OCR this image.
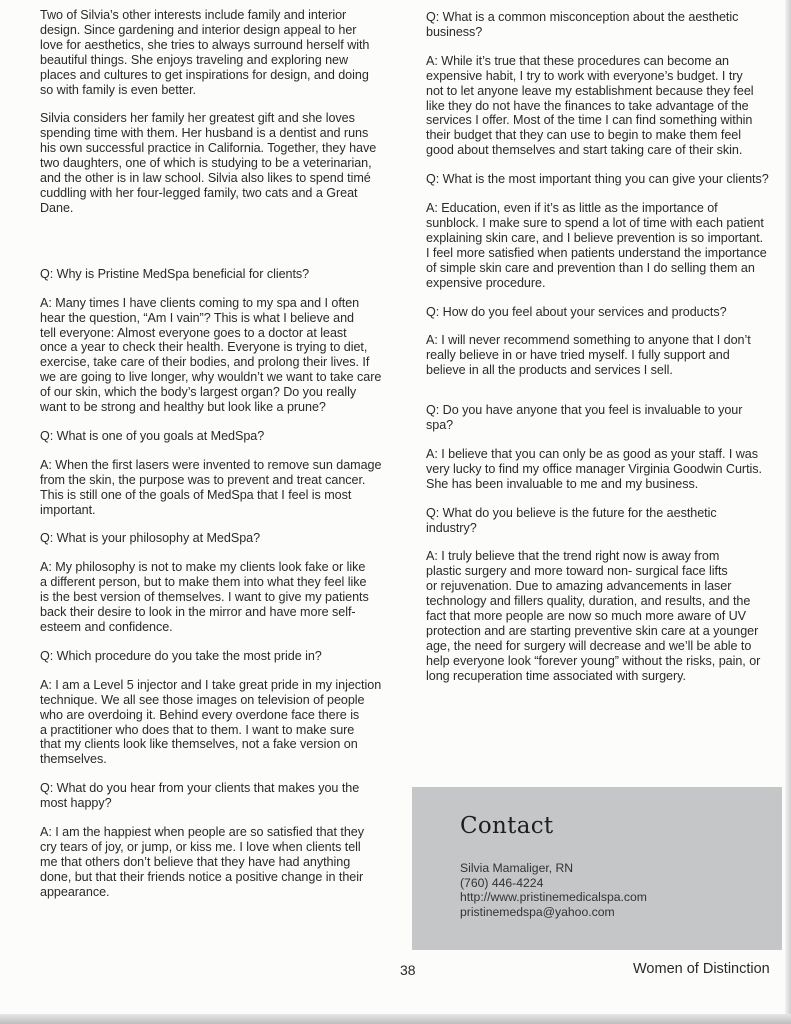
Two of Silvia’s other interests include family and interior
design. Since gardening and interior design appeal to her
love for aesthetics, she tries to always surround herself with
beautiful things. She enjoys traveling and exploring new
places and cultures to get inspirations for design, and doing
so with family is even better.

Silvia considers her family her greatest gift and she loves
spending time with them. Her husband is a dentist and runs
his own successful practice in California. Together, they have
two daughters, one of which is studying to be a veterinarian,
and the other is in law school. Silvia also likes to spend timé
cuddling with her four-legged family, two cats and a Great
Dane.

Q: Why is Pristine MedSpa beneficial for clients?

A: Many times I have clients coming to my spa and I often
hear the question, “Am I vain”? This is what I believe and
tell everyone: Almost everyone goes to a doctor at least
once a year to check their health. Everyone is trying to diet,
exercise, take care of their bodies, and prolong their lives. If
we are going to live longer, why wouldn’t we want to take care
of our skin, which the body’s largest organ? Do you really
want to be strong and healthy but look like a prune?

Q: What is one of you goals at MedSpa?

A: When the first lasers were invented to remove sun damage
from the skin, the purpose was to prevent and treat cancer.
This is still one of the goals of MedSpa that I feel is most
important.

Q: What is your philosophy at MedSpa?

A: My philosophy is not to make my clients look fake or like
a different person, but to make them into what they feel like
is the best version of themselves. I want to give my patients
back their desire to look in the mirror and have more self-
esteem and confidence.

Q: Which procedure do you take the most pride in?

A: I am a Level 5 injector and I take great pride in my injection
technique. We all see those images on television of people
who are overdoing it. Behind every overdone face there is
a practitioner who does that to them. I want to make sure
that my clients look like themselves, not a fake version on
themselves.

Q: What do you hear from your clients that makes you the
most happy?

A: I am the happiest when people are so satisfied that they
cry tears of joy, or jump, or kiss me. I love when clients tell
me that others don’t believe that they have had anything
done, but that their friends notice a positive change in their
appearance.

Q: What is a common misconception about the aesthetic
business?

A: While it’s true that these procedures can become an
expensive habit, I try to work with everyone’s budget. I try
not to let anyone leave my establishment because they feel
like they do not have the finances to take advantage of the
services I offer. Most of the time I can find something within
their budget that they can use to begin to make them feel
good about themselves and start taking care of their skin.

Q: What is the most important thing you can give your clients?

A: Education, even if it’s as little as the importance of
sunblock. I make sure to spend a lot of time with each patient
explaining skin care, and I believe prevention is so important.
I feel more satisfied when patients understand the importance
of simple skin care and prevention than I do selling them an
expensive procedure.

Q: How do you feel about your services and products?

A: I will never recommend something to anyone that I don’t
really believe in or have tried myself. I fully support and
believe in all the products and services I sell.

Q: Do you have anyone that you feel is invaluable to your
spa?

A: I believe that you can only be as good as your staff. I was
very lucky to find my office manager Virginia Goodwin Curtis.
She has been invaluable to me and my business.

Q: What do you believe is the future for the aesthetic
industry?

A: I truly believe that the trend right now is away from
plastic surgery and more toward non- surgical face lifts
or rejuvenation. Due to amazing advancements in laser
technology and fillers quality, duration, and results, and the
fact that more people are now so much more aware of UV
protection and are starting preventive skin care at a younger
age, the need for surgery will decrease and we’ll be able to
help everyone look “forever young” without the risks, pain, or
long recuperation time associated with surgery.

Contact
Silvia Mamaliger, RN
(760) 446-4224
http://www.pristinemedicalspa.com
pristinemedspa@yahoo.com
38	Women of Distinction
